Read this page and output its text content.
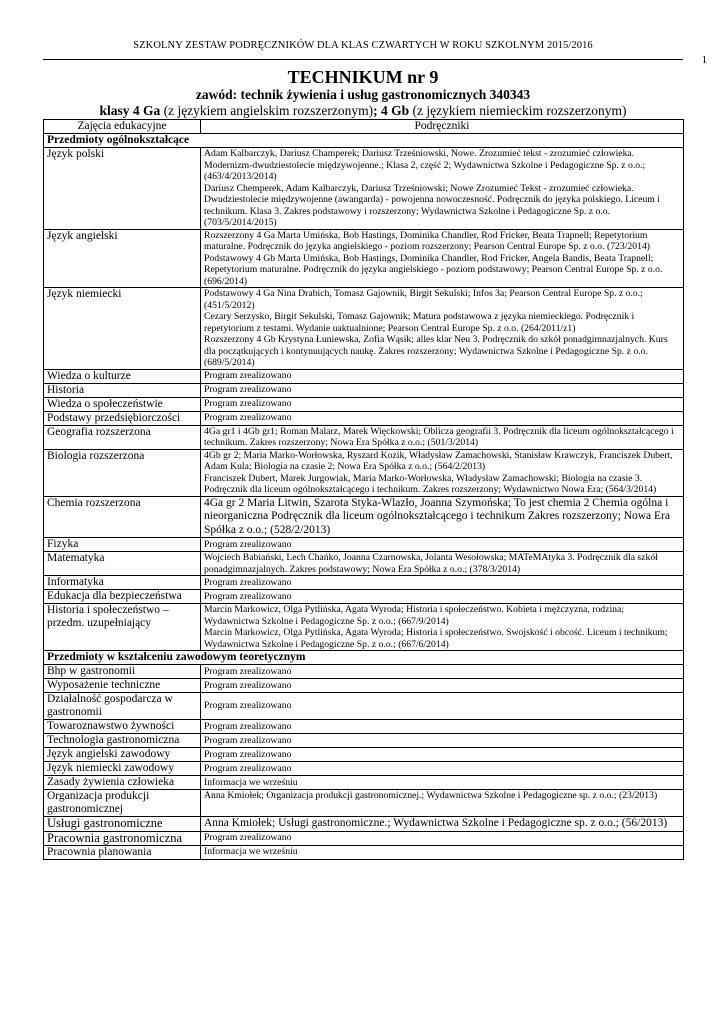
SZKOLNY ZESTAW PODRĘCZNIKÓW DLA KLAS CZWARTYCH W ROKU SZKOLNYM 2015/2016
TECHNIKUM nr 9
zawód: technik żywienia i usług gastronomicznych 340343
klasy 4 Ga (z językiem angielskim rozszerzonym); 4 Gb (z językiem niemieckim rozszerzonym)
Zajęcia edukacyjne	Podręczniki
Przedmioty ogólnokształcące	
Język polski	Adam Kalbarczyk, Dariusz Champerek; Dariusz Trześniowski, Nowe. Zrozumieć tekst - zrozumieć człowieka. Modernizm-dwudziestolecie międzywojenne.; Klasa 2, część 2; Wydawnictwa Szkolne i Pedagogiczne Sp. z o.o.; (463/4/2013/2014)
Dariusz Chemperek, Adam Kalbarczyk, Dariusz Trześniowski; Nowe Zrozumieć Tekst - zrozumieć człowieka. Dwudziestolecie międzywojenne (awangarda) - powojenna nowoczesność. Podręcznik do języka polskiego. Liceum i technikum. Klasa 3. Zakres podstawowy i rozszerzony; Wydawnictwa Szkolne i Pedagogiczne Sp. z o.o. (703/5/2014/2015)

Język angielski	Rozszerzony 4 Ga Marta Umińska, Bob Hastings, Dominika Chandler, Rod Fricker, Beata Trapnell; Repetytorium maturalne. Podręcznik do języka angielskiego - poziom rozszerzony; Pearson Central Europe Sp. z o.o. (723/2014)
Podstawowy 4 Gb Marta Umińska, Bob Hastings, Dominika Chandler, Rod Fricker, Angela Bandis, Beata Trapnell; Repetytorium maturalne. Podręcznik do języka angielskiego - poziom podstawowy; Pearson Central Europe Sp. z o.o. (696/2014)

Język niemiecki	Podstawowy 4 Ga Nina Drabich, Tomasz Gajownik, Birgit Sekulski; Infos 3a; Pearson Central Europe Sp. z o.o.; (451/5/2012)
Cezary Serzysko, Birgit Sekulski, Tomasz Gajownik; Matura podstawowa z języka niemieckiego. Podręcznik i repetytorium z testami. Wydanie uaktualnione; Pearson Central Europe Sp. z o.o. (264/2011/z1)
Rozszerzony 4 Gb Krystyna Łuniewska, Zofia Wąsik; alles klar Neu 3. Podręcznik do szkół ponadgimnazjalnych. Kurs dla początkujących i kontynuujących naukę. Zakres rozszerzony; Wydawnictwa Szkolne i Pedagogiczne Sp. z o.o. (689/5/2014)

Wiedza o kulturze	Program zrealizowano

Historia	Program zrealizowano

Wiedza o społeczeństwie	Program zrealizowano

Podstawy przedsiębiorczości	Program zrealizowano

Geografia rozszerzona	4Ga gr1 i 4Gb gr1; Roman Malarz, Marek Więckowski; Oblicza geografii 3. Podręcznik dla liceum ogólnokształcącego i technikum. Zakres rozszerzony; Nowa Era Spółka z o.o.; (501/3/2014)

Biologia rozszerzona	4Gb gr 2; Maria Marko-Worłowska, Ryszard Kozik, Władysław Zamachowski, Stanisław Krawczyk, Franciszek Dubert, Adam Kula; Biologia na czasie 2; Nowa Era Spółka z o.o.; (564/2/2013)
Franciszek Dubert, Marek Jurgowiak, Maria Marko-Worłowska, Władysław Zamachowski; Biologia na czasie 3. Podręcznik dla liceum ogólnokształcącego i technikum. Zakres rozszerzony; Wydawnictwo Nowa Era; (564/3/2014)

Chemia rozszerzona	4Ga gr 2 Maria Litwin, Szarota Styka-Wlazło, Joanna Szymońska; To jest chemia 2 Chemia ogólna i nieorganiczna Podręcznik dla liceum ogólnokształcącego i technikum Zakres rozszerzony; Nowa Era Spółka z o.o.; (528/2/2013)

Fizyka	Program zrealizowano

Matematyka	Wojciech Babiański, Lech Chańko, Joanna Czarnowska, Jolanta Wesołowska; MATeMAtyka 3. Podręcznik dla szkół ponadgimnazjalnych. Zakres podstawowy; Nowa Era Spółka z o.o.; (378/3/2014)

Informatyka	Program zrealizowano

Edukacja dla bezpieczeństwa	Program zrealizowano

Historia i społeczeństwo – przedm. uzupełniający	Marcin Markowicz, Olga Pytlińska, Agata Wyroda; Historia i społeczeństwo. Kobieta i mężczyzna, rodzina; Wydawnictwa Szkolne i Pedagogiczne Sp. z o.o.; (667/9/2014)
Marcin Markowicz, Olga Pytlińska, Agata Wyroda; Historia i społeczeństwo. Swojskość i obcość. Liceum i technikum; Wydawnictwa Szkolne i Pedagogiczne Sp. z o.o.; (667/6/2014)

Przedmioty w kształceniu zawodowym teoretycznym	
Bhp w gastronomii	Program zrealizowano

Wyposażenie techniczne	Program zrealizowano

Działalność gospodarcza w gastronomii	Program zrealizowano

Towaroznawstwo żywności	Program zrealizowano

Technologia gastronomiczna	Program zrealizowano

Język angielski zawodowy	Program zrealizowano

Język niemiecki zawodowy	Program zrealizowano

Zasady żywienia człowieka	Informacja we wrześniu

Organizacja produkcji gastronomicznej	Anna Kmiołek; Organizacja produkcji gastronomicznej.; Wydawnictwa Szkolne i Pedagogiczne sp. z o.o.; (23/2013)

Usługi gastronomiczne	Anna Kmiołek; Usługi gastronomiczne.; Wydawnictwa Szkolne i Pedagogiczne sp. z o.o.; (56/2013)

Pracownia gastronomiczna	Program zrealizowano

Pracownia planowania	Informacja we wrześniu
1
